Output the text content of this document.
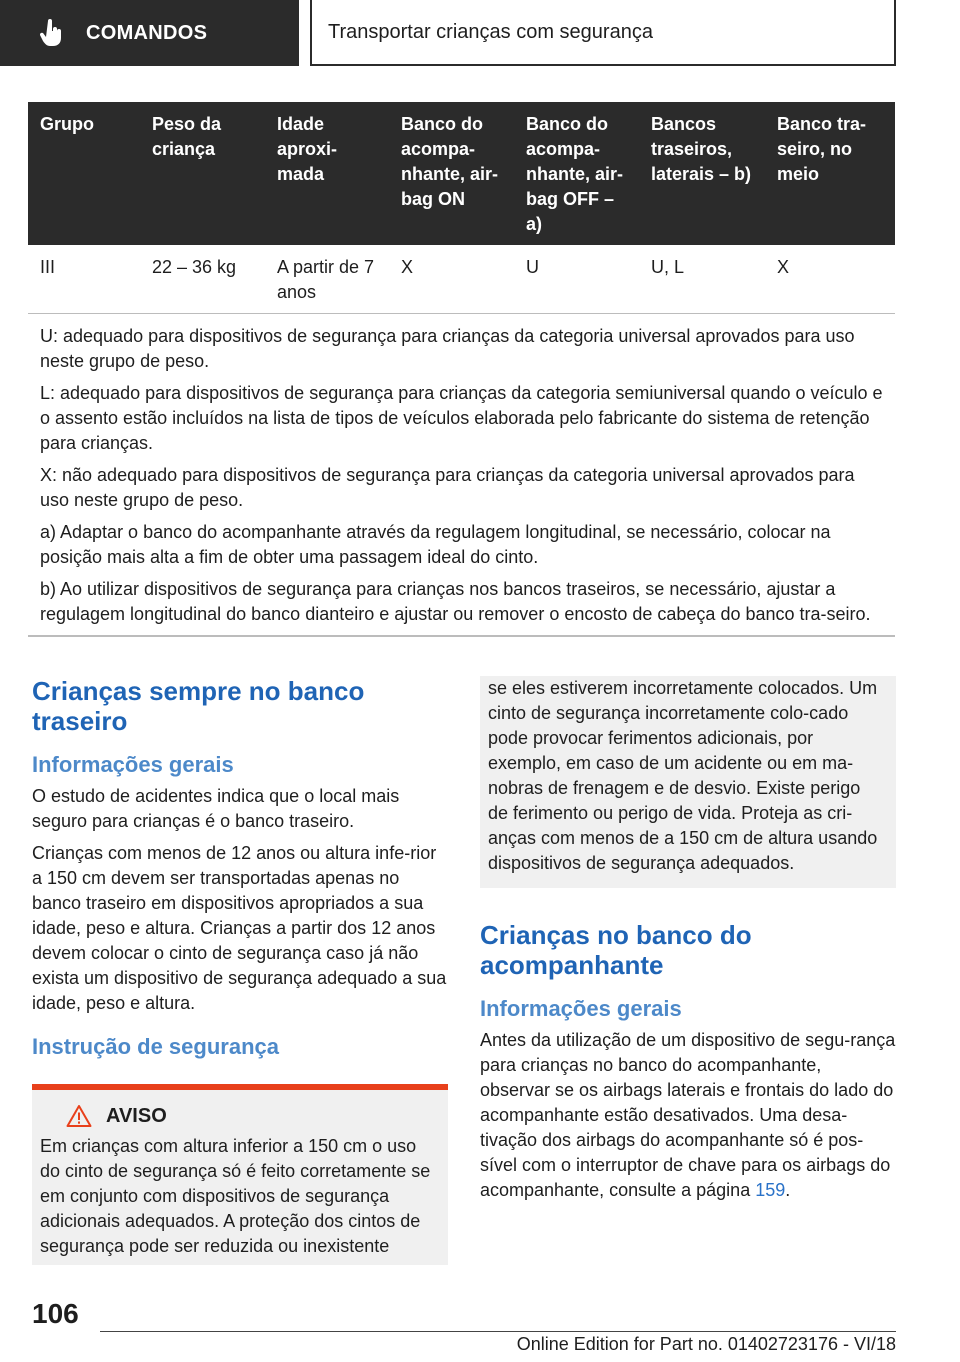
COMANDOS	Transportar crianças com segurança
Grupo	Peso da criança	Idade aproxi-mada	Banco do acompa-nhante, air-bag ON	Banco do acompa-nhante, air-bag OFF – a)	Bancos traseiros, laterais – b)	Banco tra-seiro, no meio
III	22 – 36 kg	A partir de 7 anos	X	U	U, L	X

U: adequado para dispositivos de segurança para crianças da categoria universal aprovados para uso neste grupo de peso.

L: adequado para dispositivos de segurança para crianças da categoria semiuniversal quando o veículo e o assento estão incluídos na lista de tipos de veículos elaborada pelo fabricante do sistema de retenção para crianças.

X: não adequado para dispositivos de segurança para crianças da categoria universal aprovados para uso neste grupo de peso.

a) Adaptar o banco do acompanhante através da regulagem longitudinal, se necessário, colocar na posição mais alta a fim de obter uma passagem ideal do cinto.

b) Ao utilizar dispositivos de segurança para crianças nos bancos traseiros, se necessário, ajustar a regulagem longitudinal do banco dianteiro e ajustar ou remover o encosto de cabeça do banco tra-seiro.						

Crianças sempre no banco traseiro
Informações gerais

O estudo de acidentes indica que o local mais seguro para crianças é o banco traseiro.

Crianças com menos de 12 anos ou altura infe-rior a 150 cm devem ser transportadas apenas no banco traseiro em dispositivos apropriados a sua idade, peso e altura. Crianças a partir dos 12 anos devem colocar o cinto de segurança caso já não exista um dispositivo de segurança adequado a sua idade, peso e altura.

Instrução de segurança
AVISO
Em crianças com altura inferior a 150 cm o uso do cinto de segurança só é feito corretamente se em conjunto com dispositivos de segurança adicionais adequados. A proteção dos cintos de segurança pode ser reduzida ou inexistente
se eles estiverem incorretamente colocados. Um cinto de segurança incorretamente colo-cado pode provocar ferimentos adicionais, por exemplo, em caso de um acidente ou em ma-nobras de frenagem e de desvio. Existe perigo de ferimento ou perigo de vida. Proteja as cri-anças com menos de a 150 cm de altura usando dispositivos de segurança adequados.
Crianças no banco do acompanhante
Informações gerais

Antes da utilização de um dispositivo de segu-rança para crianças no banco do acompanhante, observar se os airbags laterais e frontais do lado do acompanhante estão desativados. Uma desa-tivação dos airbags do acompanhante só é pos-sível com o interruptor de chave para os airbags do acompanhante, consulte a página 159.

106
Online Edition for Part no. 01402723176 - VI/18
